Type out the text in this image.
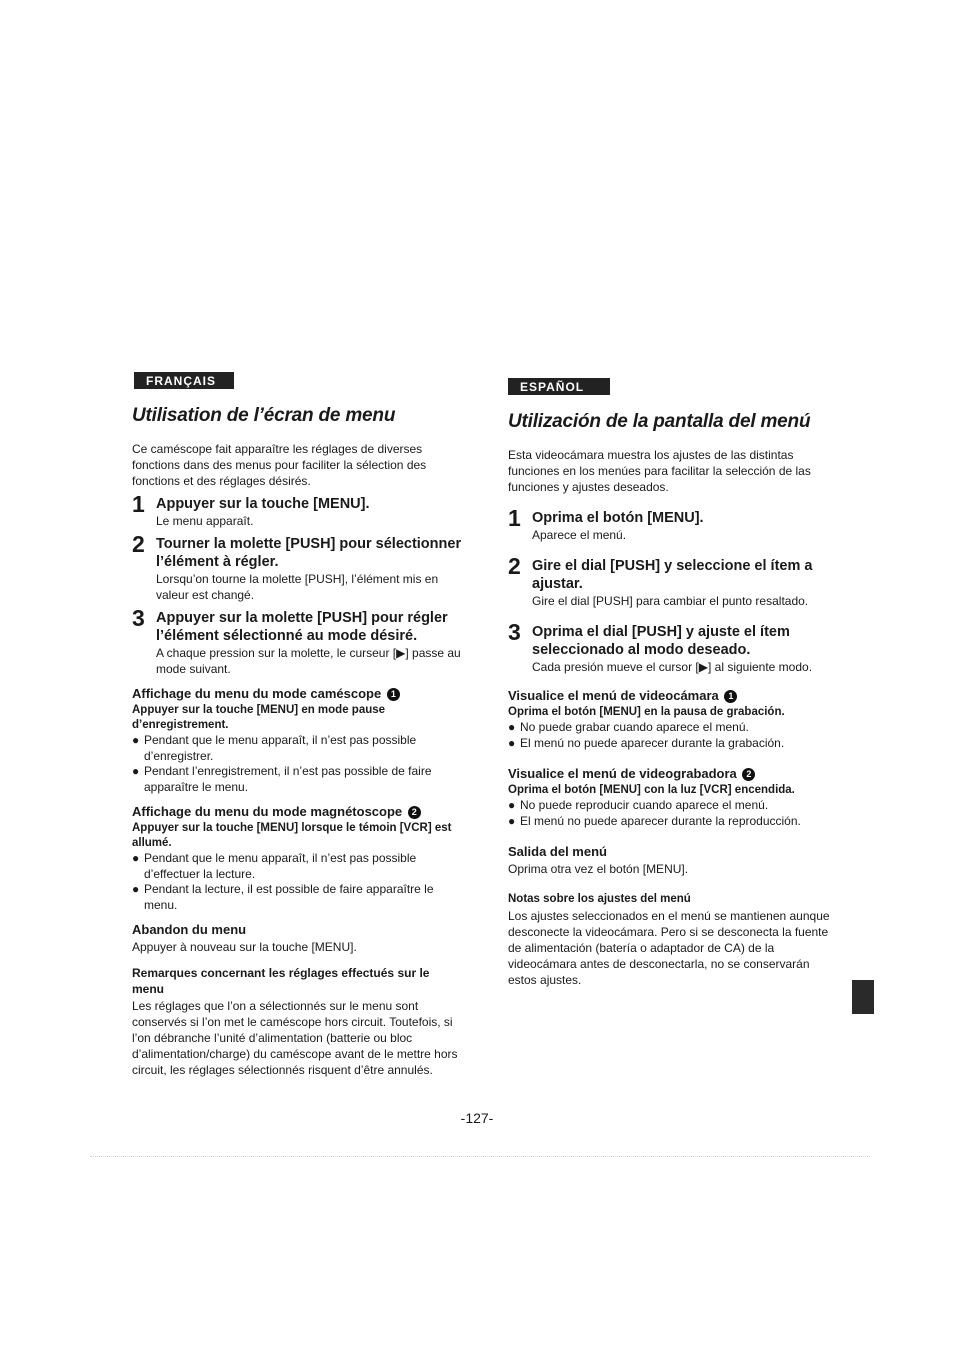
FRANÇAIS
Utilisation de l’écran de menu

Ce caméscope fait apparaître les réglages de diverses fonctions dans des menus pour faciliter la sélection des fonctions et des réglages désirés.

1 Appuyer sur la touche [MENU].
Le menu apparaît.
2 Tourner la molette [PUSH] pour sélectionner l’élément à régler.
Lorsqu’on tourne la molette [PUSH], l’élément mis en valeur est changé.
3 Appuyer sur la molette [PUSH] pour régler l’élément sélectionné au mode désiré.
A chaque pression sur la molette, le curseur [▶] passe au mode suivant.
Affichage du menu du mode caméscope 1
Appuyer sur la touche [MENU] en mode pause d’enregistrement.
● Pendant que le menu apparaît, il n’est pas possible d’enregistrer.
● Pendant l’enregistrement, il n’est pas possible de faire apparaître le menu.
Affichage du menu du mode magnétoscope 2
Appuyer sur la touche [MENU] lorsque le témoin [VCR] est allumé.
● Pendant que le menu apparaît, il n’est pas possible d’effectuer la lecture.
● Pendant la lecture, il est possible de faire apparaître le menu.
Abandon du menu
Appuyer à nouveau sur la touche [MENU].
Remarques concernant les réglages effectués sur le menu
Les réglages que l’on a sélectionnés sur le menu sont conservés si l’on met le caméscope hors circuit. Toutefois, si l’on débranche l’unité d’alimentation (batterie ou bloc d’alimentation/charge) du caméscope avant de le mettre hors circuit, les réglages sélectionnés risquent d’être annulés.
ESPAÑOL
Utilización de la pantalla del menú

Esta videocámara muestra los ajustes de las distintas funciones en los menúes para facilitar la selección de las funciones y ajustes deseados.

1 Oprima el botón [MENU].
Aparece el menú.
2 Gire el dial [PUSH] y seleccione el ítem a ajustar.
Gire el dial [PUSH] para cambiar el punto resaltado.
3 Oprima el dial [PUSH] y ajuste el ítem seleccionado al modo deseado.
Cada presión mueve el cursor [▶] al siguiente modo.
Visualice el menú de videocámara 1
Oprima el botón [MENU] en la pausa de grabación.
● No puede grabar cuando aparece el menú.
● El menú no puede aparecer durante la grabación.
Visualice el menú de videograbadora 2
Oprima el botón [MENU] con la luz [VCR] encendida.
● No puede reproducir cuando aparece el menú.
● El menú no puede aparecer durante la reproducción.
Salida del menú
Oprima otra vez el botón [MENU].
Notas sobre los ajustes del menú
Los ajustes seleccionados en el menú se mantienen aunque desconecte la videocámara. Pero si se desconecta la fuente de alimentación (batería o adaptador de CA) de la videocámara antes de desconectarla, no se conservarán estos ajustes.
-127-
